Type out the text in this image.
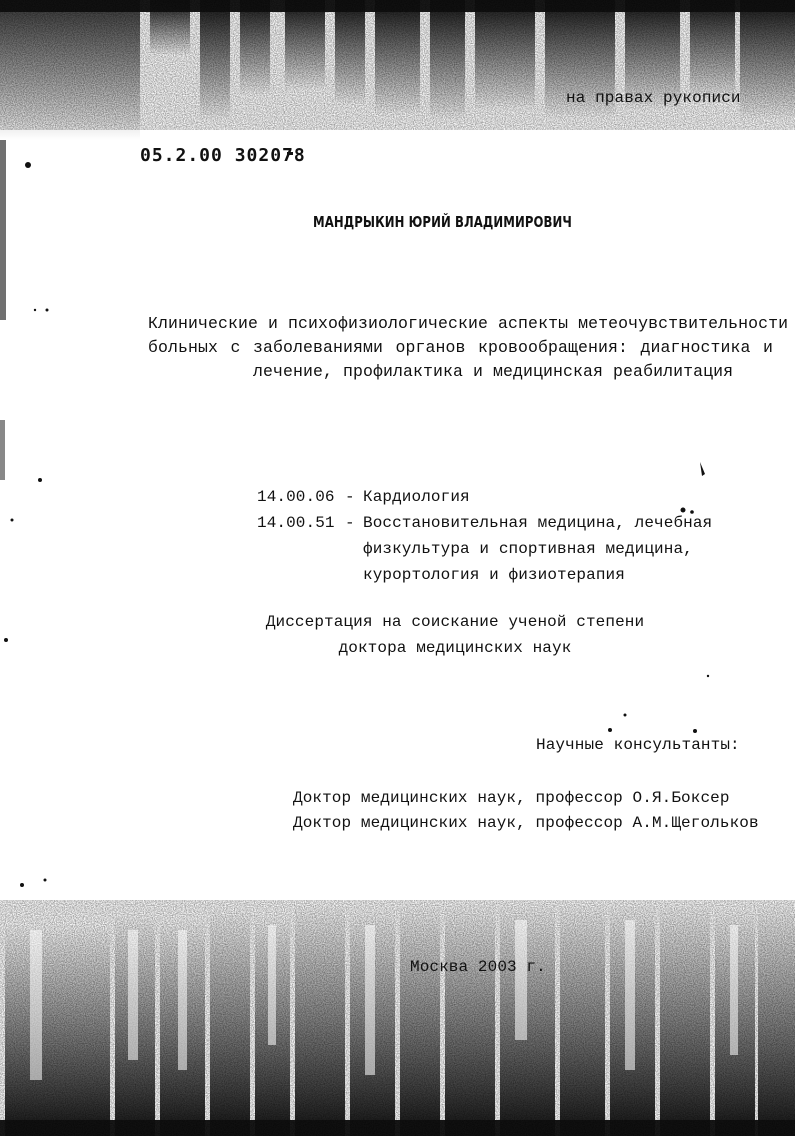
на правах рукописи
05.2.00 302078
МАНДРЫКИН ЮРИЙ ВЛАДИМИРОВИЧ
Клинические и психофизиологические аспекты метеочувствительности
больных с заболеваниями органов кровообращения: диагностика и
лечение, профилактика и медицинская реабилитация
14.00.06 - Кардиология
14.00.51 - Восстановительная медицина, лечебная
физкультура и спортивная медицина,
курортология и физиотерапия
Диссертация на соискание ученой степени
доктора медицинских наук
Научные консультанты:
Доктор медицинских наук, профессор О.Я.Боксер
Доктор медицинских наук, профессор А.М.Щегольков
Москва 2003 г.
